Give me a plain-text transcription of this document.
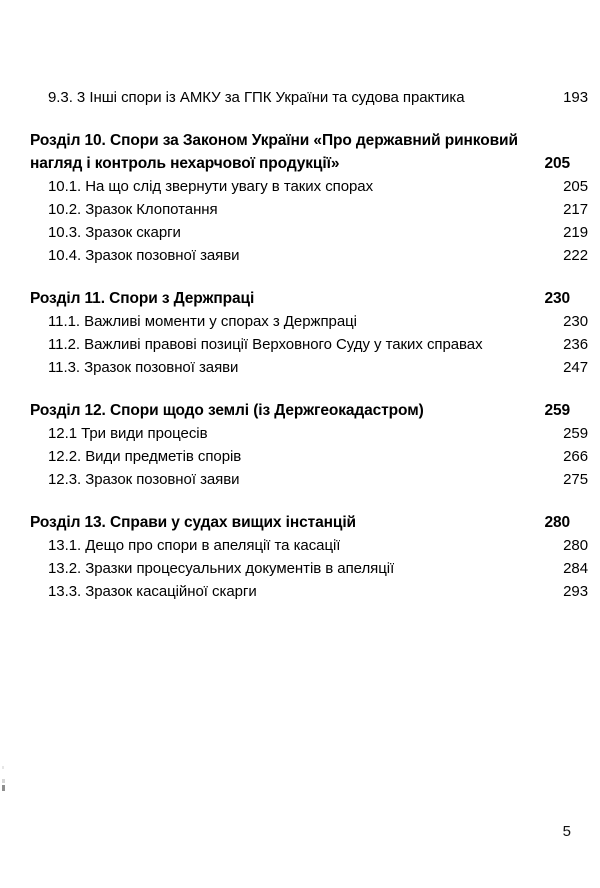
9.3. 3 Інші спори із АМКУ за ГПК України та судова практика .....	193
Розділ 10. Спори за Законом України «Про державний ринковий
нагляд і контроль нехарчової продукції» .....	205
10.1. На що слід звернути увагу в таких спорах .....	205
10.2. Зразок Клопотання .....	217
10.3. Зразок скарги .....	219
10.4. Зразок позовної заяви .....	222
Розділ 11. Спори з Держпраці .....	230
11.1. Важливі моменти у спорах з Держпраці .....	230
11.2. Важливі правові позиції Верховного Суду у таких справах .....	236
11.3. Зразок позовної заяви .....	247
Розділ 12. Спори щодо землі (із Держгеокадастром) .....	259
12.1 Три види процесів .....	259
12.2. Види предметів спорів .....	266
12.3. Зразок позовної заяви .....	275
Розділ 13. Справи у судах вищих інстанцій .....	280
13.1. Дещо про спори в апеляції та касації .....	280
13.2. Зразки процесуальних документів в апеляції .....	284
13.3. Зразок касаційної скарги .....	293
5
